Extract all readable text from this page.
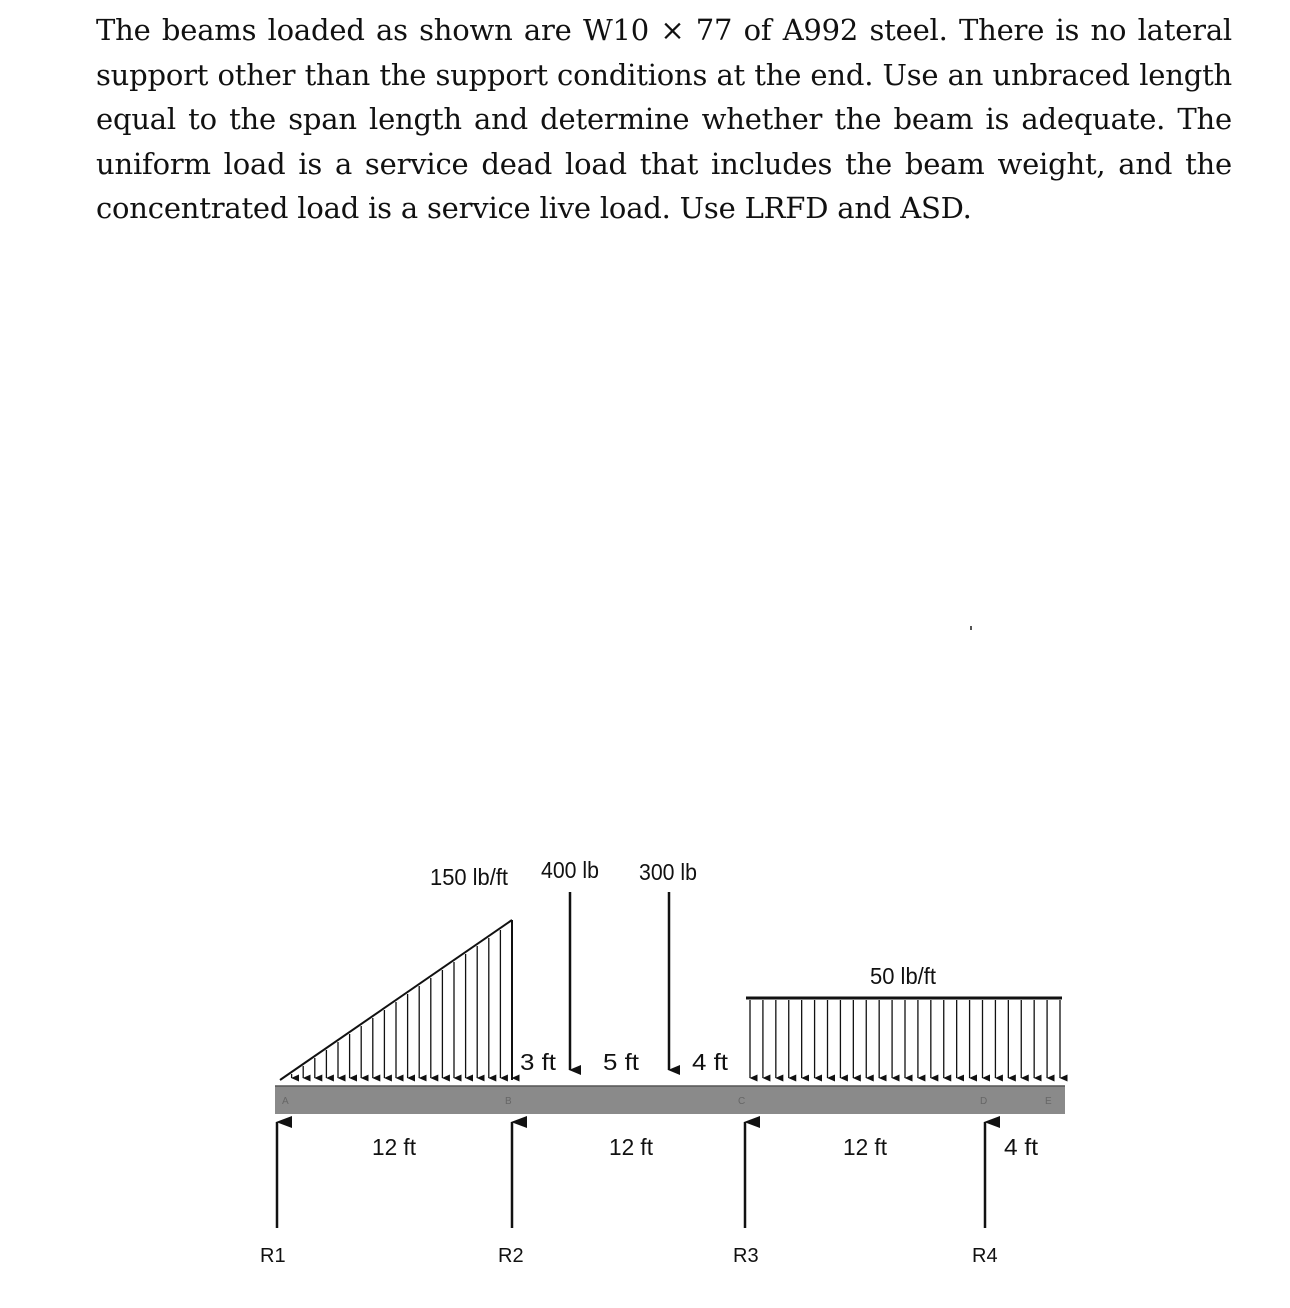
The beams loaded as shown are W10 × 77 of A992 steel. There is no lateral support other than the support conditions at the end. Use an unbraced length equal to the span length and determine whether the beam is adequate. The uniform load is a service dead load that includes the beam weight, and the concentrated load is a service live load. Use LRFD and ASD.

A	B	C	D	E
150 lb/ft 400 lb 300 lb
50 lb/ft
3 ft 5 ft 4 ft
12 ft	12 ft	12 ft	4 ft
R1	R2	R3	R4
